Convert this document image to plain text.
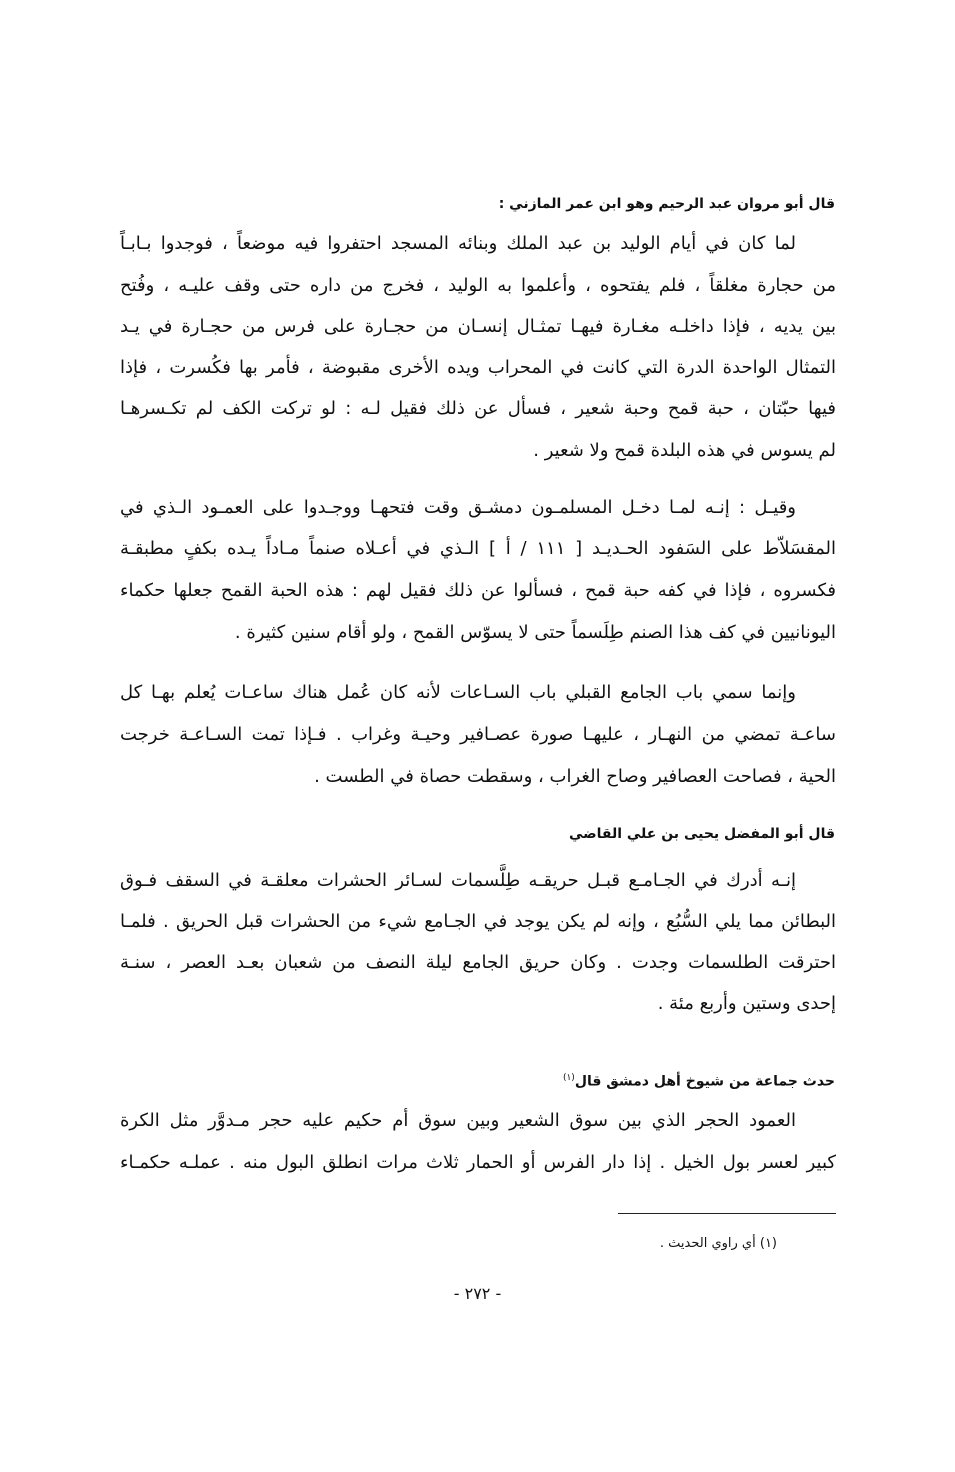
قال أبو مروان عبد الرحيم وهو ابن عمر المازني :
لما كان في أيام الوليد بن عبد الملك وبنائه المسجد احتفروا فيه موضعاً ، فوجدوا بـابـاً
من حجارة مغلقاً ، فلم يفتحوه ، وأعلموا به الوليد ، فخرج من داره حتى وقف عليـه ، وفُتح
بين يديه ، فإذا داخلـه مغـارة فيهـا تمثـال إنسـان من حجـارة على فرس من حجـارة في يـد
التمثال الواحدة الدرة التي كانت في المحراب ويده الأخرى مقبوضة ، فأمر بها فكُسرت ، فإذا
فيها حبّتان ، حبة قمح وحبة شعير ، فسأل عن ذلك فقيل لـه : لو تركت الكف لم تكـسرهـا
لم يسوس في هذه البلدة قمح ولا شعير .
وقيـل : إنـه لمـا دخـل المسلمـون دمشـق وقت فتحهـا ووجـدوا على العمـود الـذي في
المقسَلاّط على السَفود الحـديـد [ ١١١ / أ ] الـذي في أعـلاه صنماً مـاداً يـده بكفٍ مطبقـة
فكسروه ، فإذا في كفه حبة قمح ، فسألوا عن ذلك فقيل لهم : هذه الحبة القمح جعلها حكماء
اليونانيين في كف هذا الصنم طِلَسماً حتى لا يسوّس القمح ، ولو أقام سنين كثيرة .
وإنما سمي باب الجامع القبلي باب السـاعات لأنه كان عُمل هناك ساعـات يُعلم بهـا كل
ساعـة تمضي من النهـار ، عليهـا صورة عصـافير وحيـة وغراب . فـإذا تمت السـاعـة خرجت
الحية ، فصاحت العصافير وصاح الغراب ، وسقطت حصاة في الطست .
قال أبو المفضل يحيى بن علي القاضي
إنـه أدرك في الجـامـع قبـل حريقـه طِلَّسمات لسـائر الحشرات معلقـة في السقف فـوق
البطائن مما يلي السُّبُع ، وإنه لم يكن يوجد في الجـامع شيء من الحشرات قبل الحريق . فلمـا
احترقت الطلسمات وجدت . وكان حريق الجامع ليلة النصف من شعبان بعـد العصر ، سنـة
إحدى وستين وأربع مئة .
حدث جماعة من شيوخ أهل دمشق قال$^{(١)}$
العمود الحجر الذي بين سوق الشعير وبين سوق أم حكيم عليه حجر مـدوَّر مثل الكرة
كبير لعسر بول الخيل . إذا دار الفرس أو الحمار ثلاث مرات انطلق البول منه . عملـه حكمـاء
(١) أي راوي الحديث .
- ٢٧٢ -
